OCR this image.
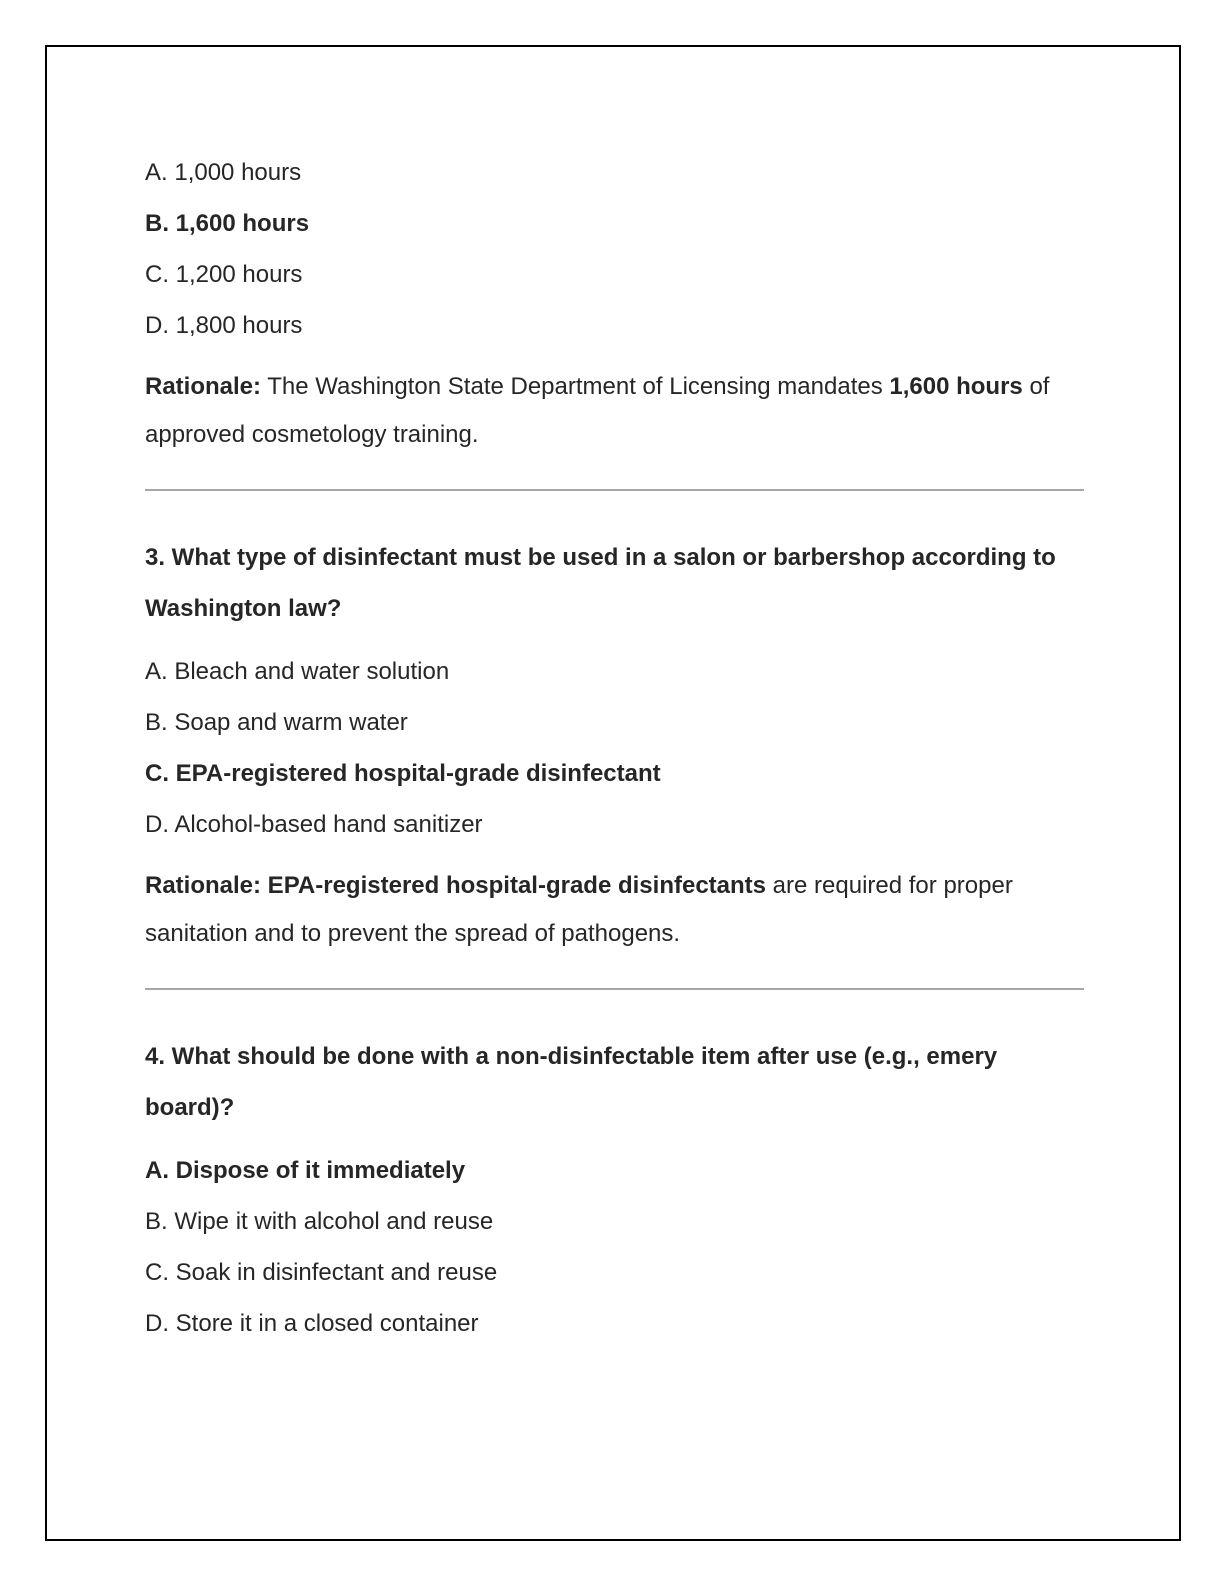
A. 1,000 hours

B. 1,600 hours

C. 1,200 hours

D. 1,800 hours

Rationale: The Washington State Department of Licensing mandates 1,600 hours of approved cosmetology training.

3. What type of disinfectant must be used in a salon or barbershop according to Washington law?

A. Bleach and water solution

B. Soap and warm water

C. EPA-registered hospital-grade disinfectant

D. Alcohol-based hand sanitizer

Rationale: EPA-registered hospital-grade disinfectants are required for proper sanitation and to prevent the spread of pathogens.

4. What should be done with a non-disinfectable item after use (e.g., emery board)?

A. Dispose of it immediately

B. Wipe it with alcohol and reuse

C. Soak in disinfectant and reuse

D. Store it in a closed container
